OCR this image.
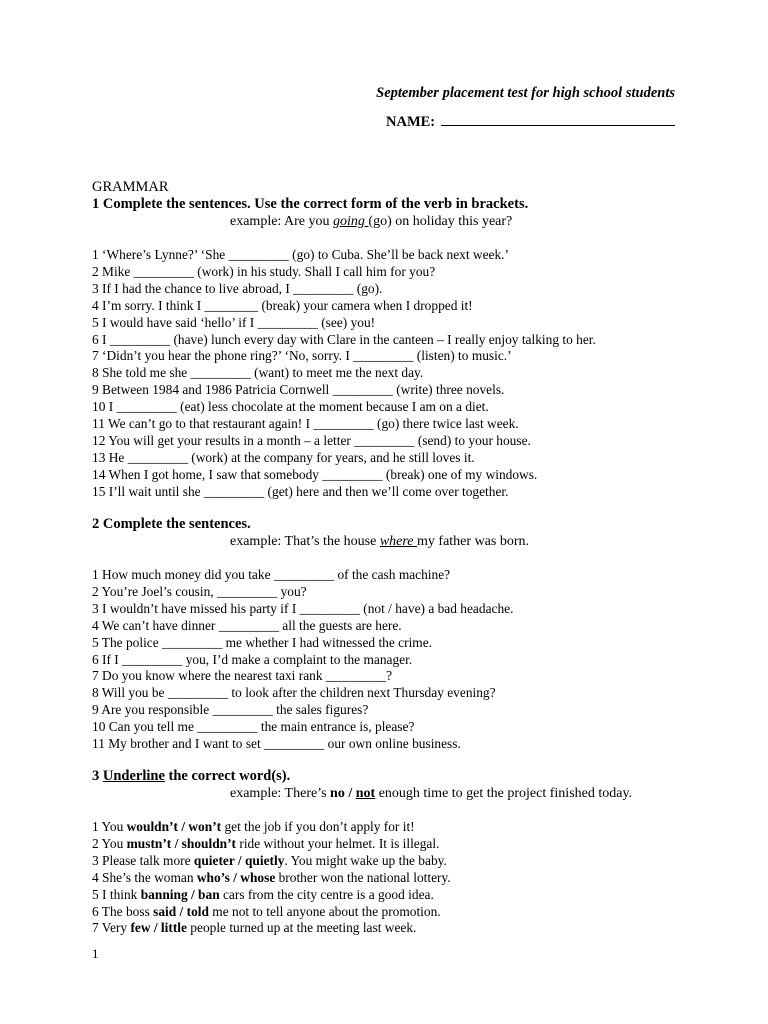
September placement test for high school students
NAME:
GRAMMAR
1 Complete the sentences. Use the correct form of the verb in brackets.
example: Are you going (go) on holiday this year?
1 ‘Where’s Lynne?’ ‘She _________ (go) to Cuba. She’ll be back next week.’
2 Mike _________ (work) in his study. Shall I call him for you?
3 If I had the chance to live abroad, I _________ (go).
4 I’m sorry. I think I ________ (break) your camera when I dropped it!
5 I would have said ‘hello’ if I _________ (see) you!
6 I _________ (have) lunch every day with Clare in the canteen – I really enjoy talking to her.
7 ‘Didn’t you hear the phone ring?’ ‘No, sorry. I _________ (listen) to music.’
8 She told me she _________ (want) to meet me the next day.
9 Between 1984 and 1986 Patricia Cornwell _________ (write) three novels.
10 I _________ (eat) less chocolate at the moment because I am on a diet.
11 We can’t go to that restaurant again! I _________ (go) there twice last week.
12 You will get your results in a month – a letter _________ (send) to your house.
13 He _________ (work) at the company for years, and he still loves it.
14 When I got home, I saw that somebody _________ (break) one of my windows.
15 I’ll wait until she _________ (get) here and then we’ll come over together.
2 Complete the sentences.
example: That’s the house where my father was born.
1 How much money did you take _________ of the cash machine?
2 You’re Joel’s cousin, _________ you?
3 I wouldn’t have missed his party if I _________ (not / have) a bad headache.
4 We can’t have dinner _________ all the guests are here.
5 The police _________ me whether I had witnessed the crime.
6 If I _________ you, I’d make a complaint to the manager.
7 Do you know where the nearest taxi rank _________?
8 Will you be _________ to look after the children next Thursday evening?
9 Are you responsible _________ the sales figures?
10 Can you tell me _________ the main entrance is, please?
11 My brother and I want to set _________ our own online business.
3 Underline the correct word(s).
example: There’s no / not enough time to get the project finished today.
1 You wouldn’t / won’t get the job if you don’t apply for it!
2 You mustn’t / shouldn’t ride without your helmet. It is illegal.
3 Please talk more quieter / quietly. You might wake up the baby.
4 She’s the woman who’s / whose brother won the national lottery.
5 I think banning / ban cars from the city centre is a good idea.
6 The boss said / told me not to tell anyone about the promotion.
7 Very few / little people turned up at the meeting last week.
1
